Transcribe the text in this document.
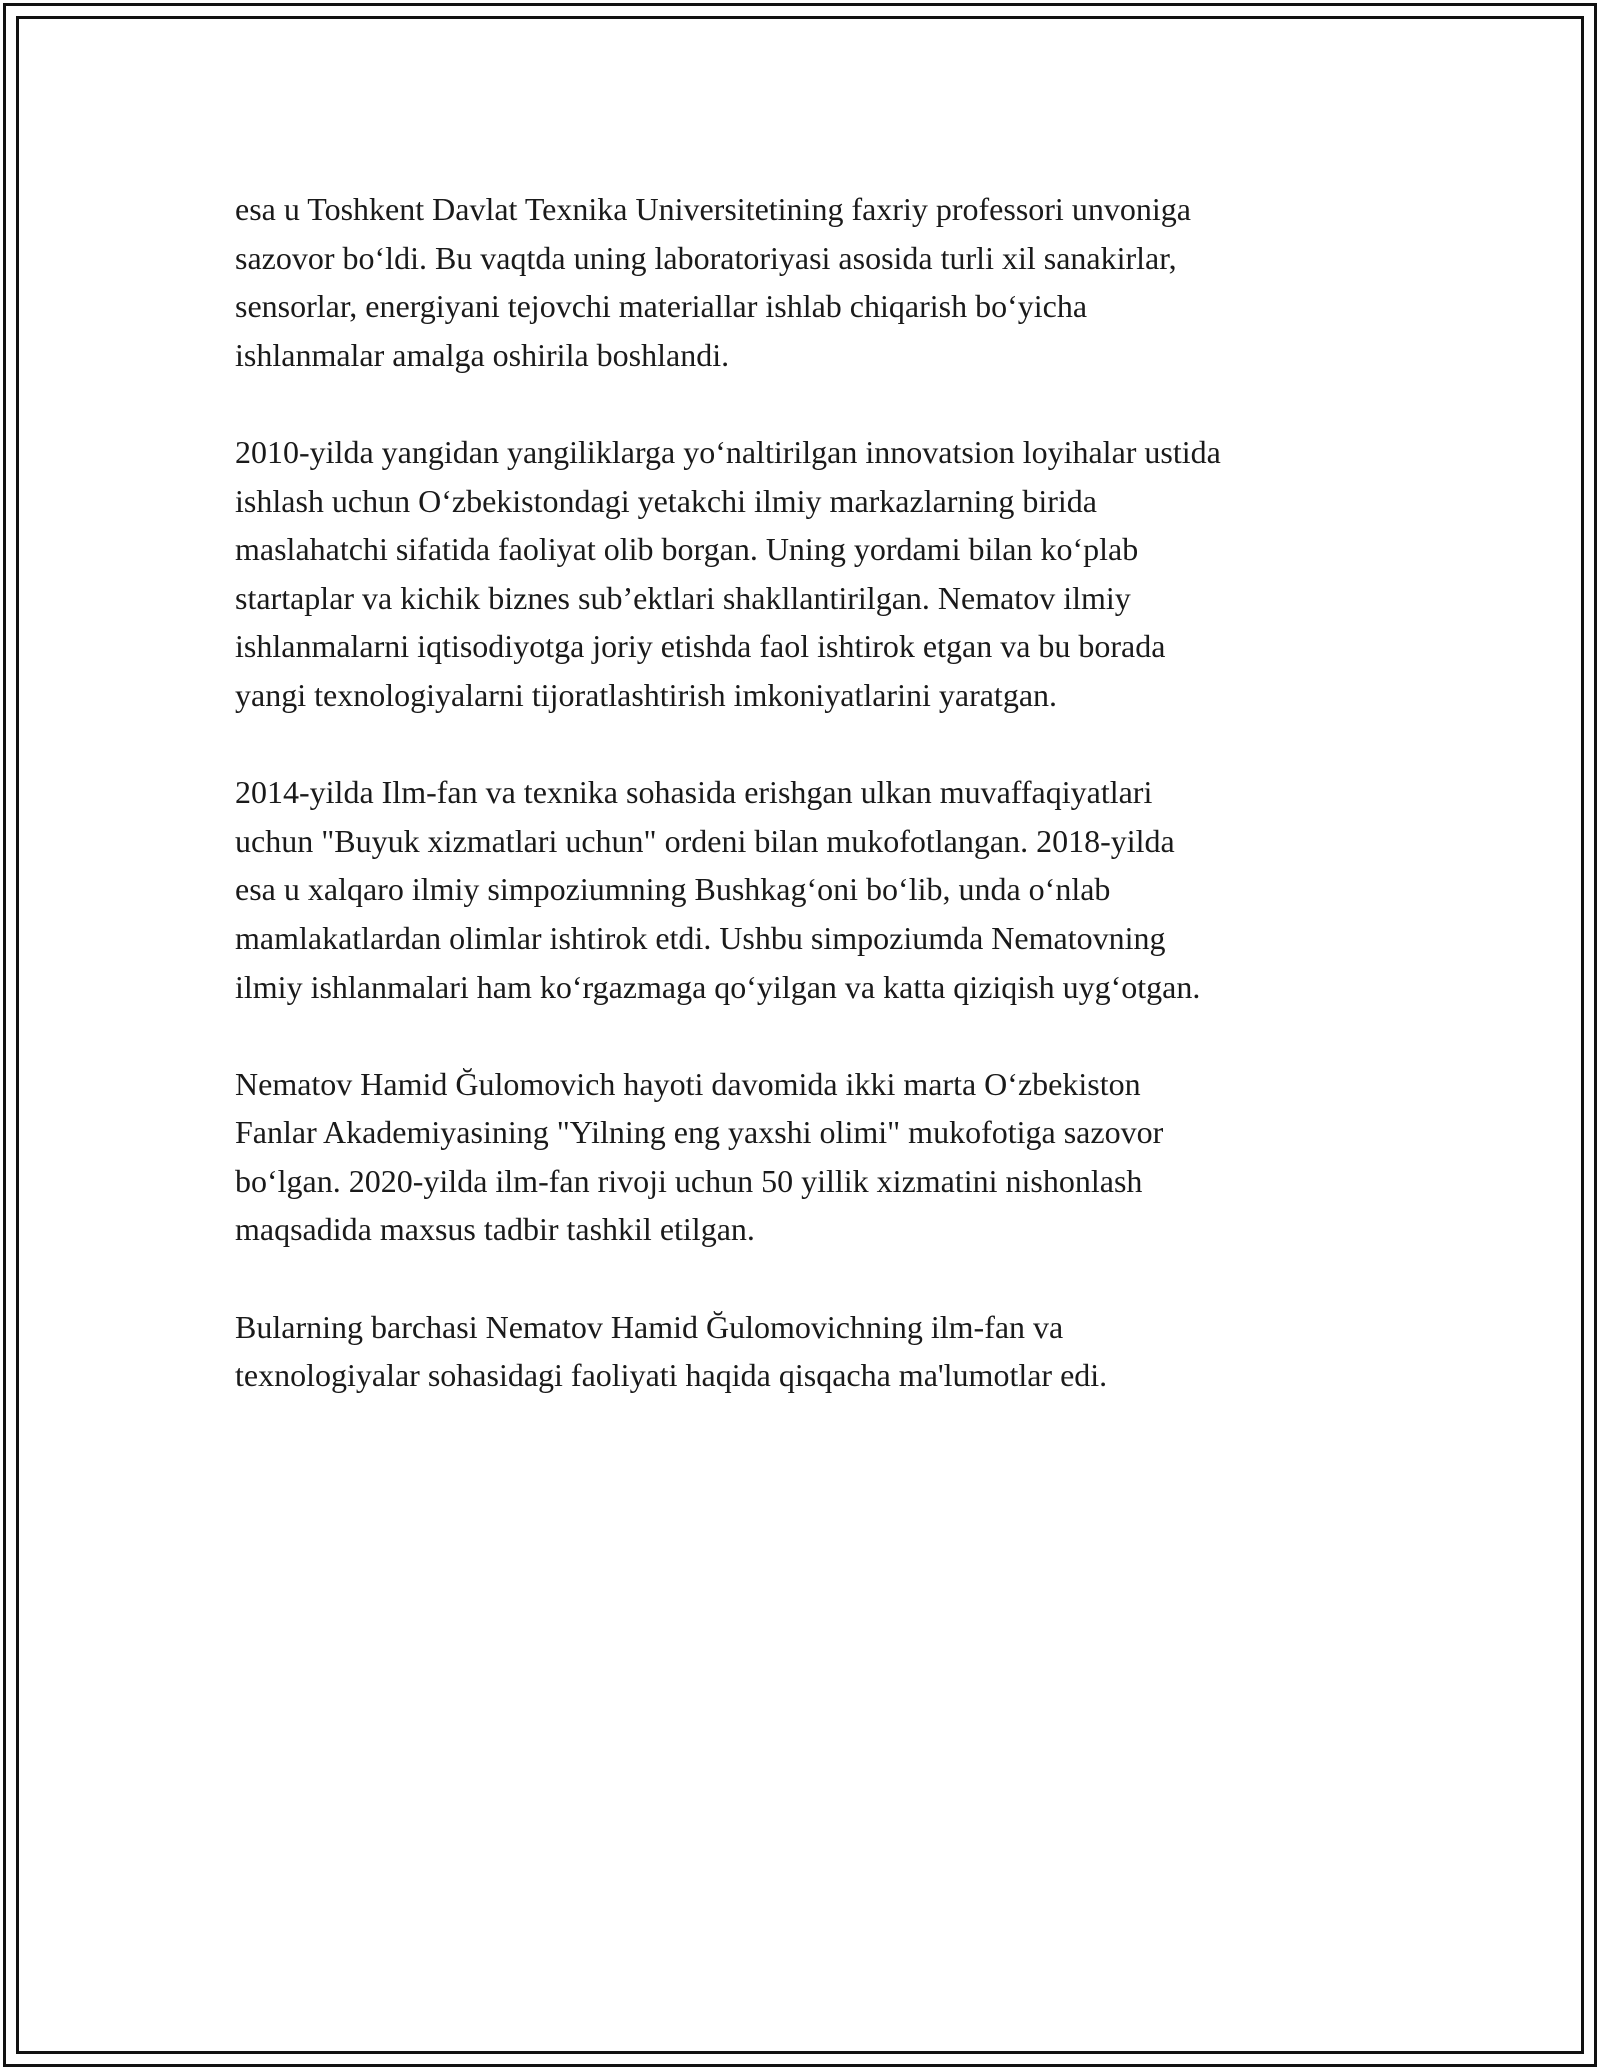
esa u Toshkent Davlat Texnika Universitetining faxriy professori unvoniga
sazovor bo‘ldi. Bu vaqtda uning laboratoriyasi asosida turli xil sanakirlar,
sensorlar, energiyani tejovchi materiallar ishlab chiqarish bo‘yicha
ishlanmalar amalga oshirila boshlandi.

2010-yilda yangidan yangiliklarga yo‘naltirilgan innovatsion loyihalar ustida
ishlash uchun O‘zbekistondagi yetakchi ilmiy markazlarning birida
maslahatchi sifatida faoliyat olib borgan. Uning yordami bilan ko‘plab
startaplar va kichik biznes sub’ektlari shakllantirilgan. Nematov ilmiy
ishlanmalarni iqtisodiyotga joriy etishda faol ishtirok etgan va bu borada
yangi texnologiyalarni tijoratlashtirish imkoniyatlarini yaratgan.

2014-yilda Ilm-fan va texnika sohasida erishgan ulkan muvaffaqiyatlari
uchun "Buyuk xizmatlari uchun" ordeni bilan mukofotlangan. 2018-yilda
esa u xalqaro ilmiy simpoziumning Bushkag‘oni bo‘lib, unda o‘nlab
mamlakatlardan olimlar ishtirok etdi. Ushbu simpoziumda Nematovning
ilmiy ishlanmalari ham ko‘rgazmaga qo‘yilgan va katta qiziqish uyg‘otgan.

Nematov Hamid Ğulomovich hayoti davomida ikki marta O‘zbekiston
Fanlar Akademiyasining "Yilning eng yaxshi olimi" mukofotiga sazovor
bo‘lgan. 2020-yilda ilm-fan rivoji uchun 50 yillik xizmatini nishonlash
maqsadida maxsus tadbir tashkil etilgan.

Bularning barchasi Nematov Hamid Ğulomovichning ilm-fan va
texnologiyalar sohasidagi faoliyati haqida qisqacha ma'lumotlar edi.
